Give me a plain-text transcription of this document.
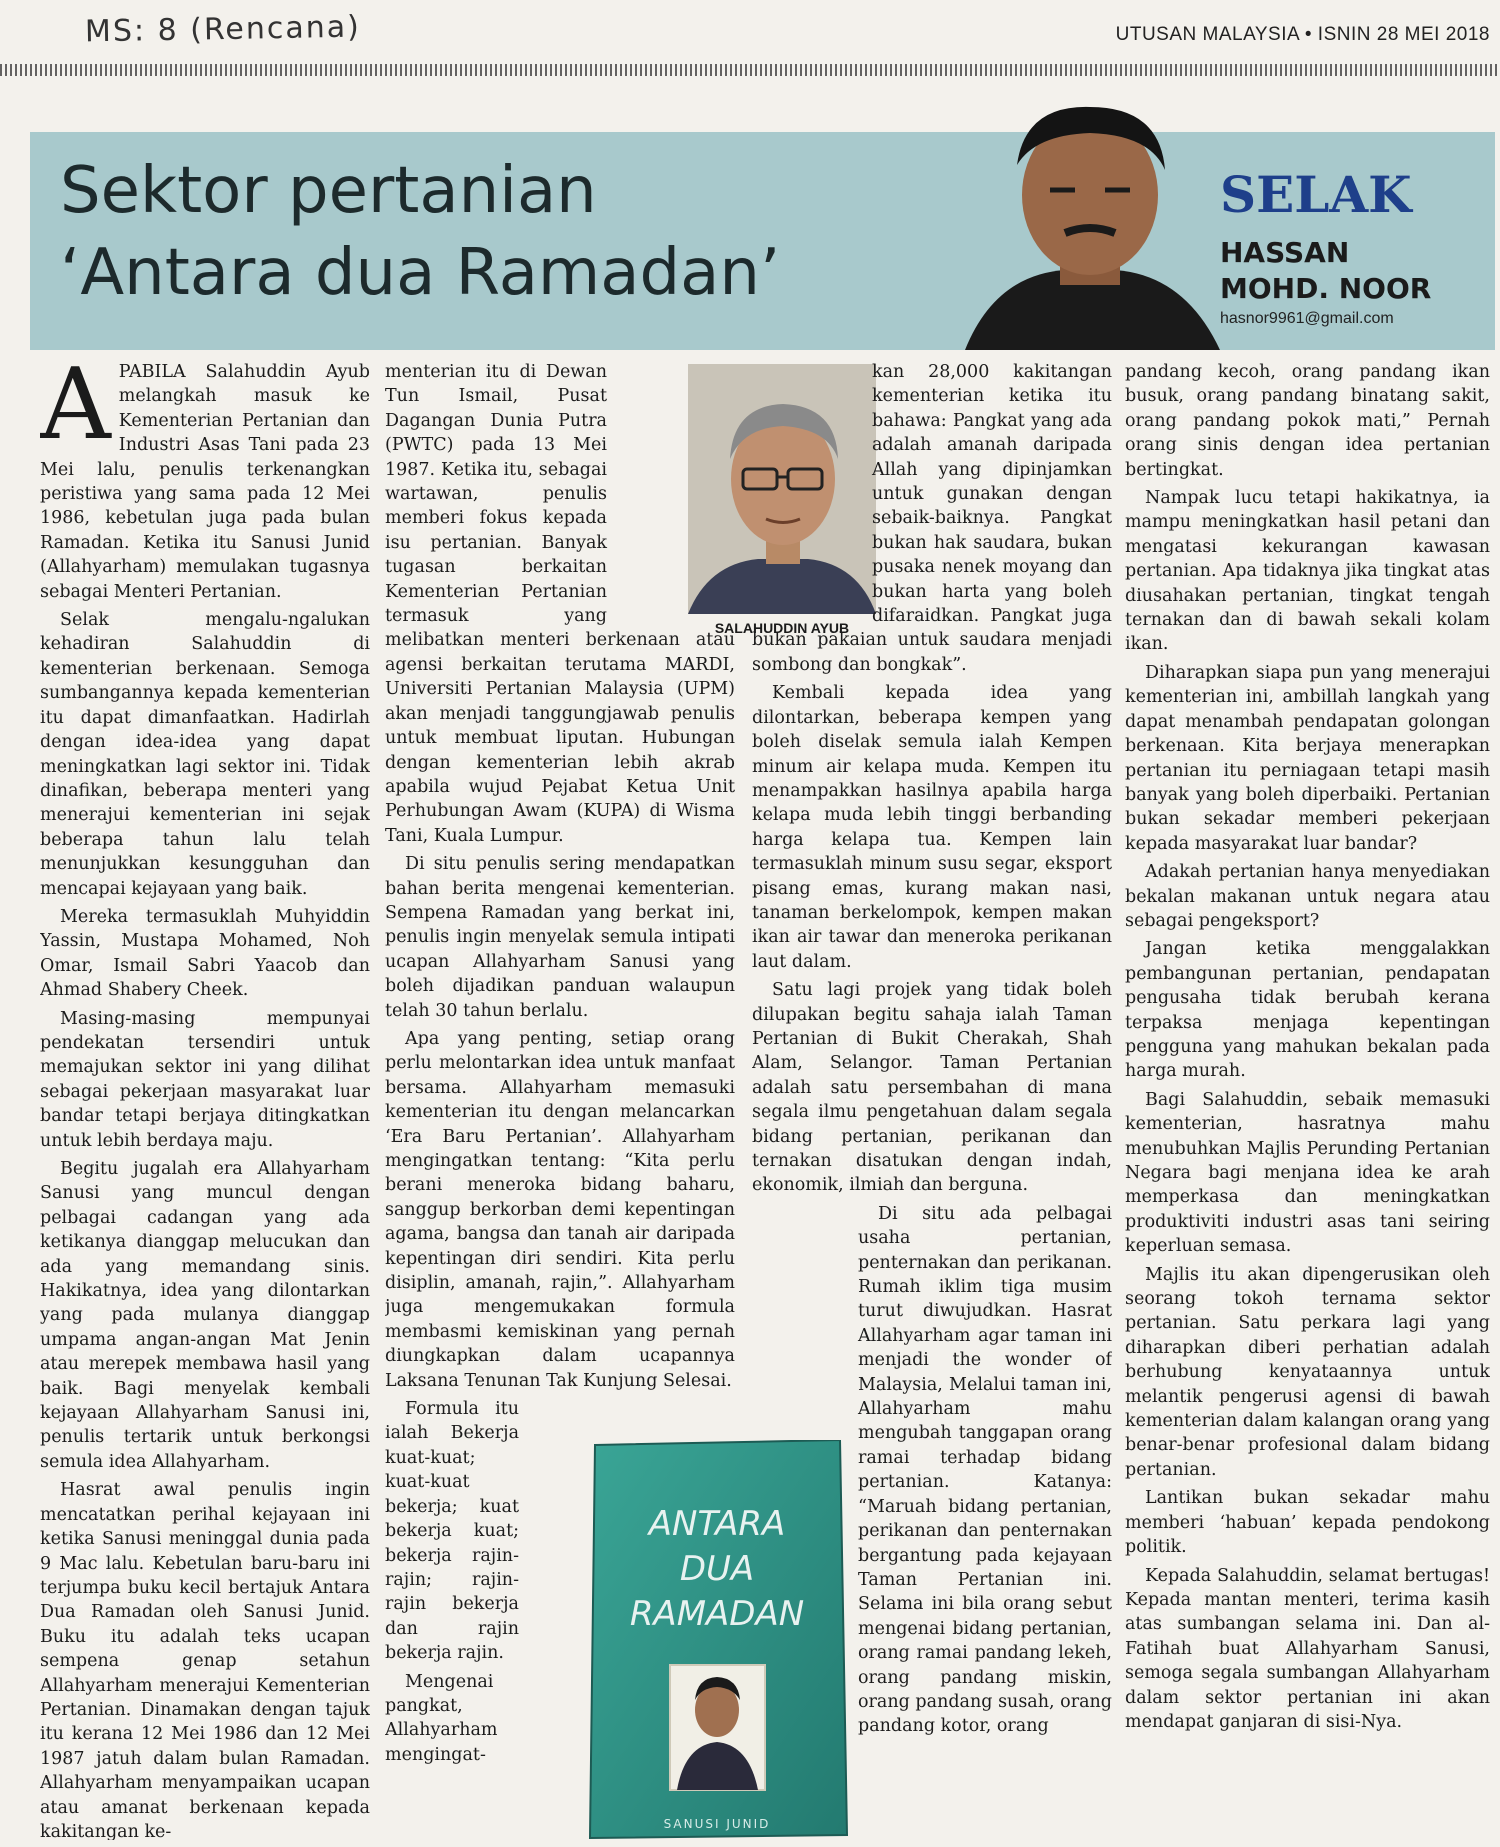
MS: 8 (Rencana)	UTUSAN MALAYSIA • ISNIN 28 MEI 2018
Sektor pertanian
‘Antara dua Ramadan’
SELAK
HASSAN
MOHD. NOOR
hasnor9961@gmail.com
SALAHUDDIN AYUB
ANTARA
DUA
RAMADAN
SANUSI JUNID

APABILA Salahuddin Ayub melangkah masuk ke Kementerian Pertanian dan Industri Asas Tani pada 23 Mei lalu, penulis terkenangkan peristiwa yang sama pada 12 Mei 1986, kebetulan juga pada bulan Ramadan. Ketika itu Sanusi Junid (Allahyarham) memulakan tugasnya sebagai Menteri Pertanian.

Selak mengalu-ngalukan kehadiran Salahuddin di kementerian berkenaan. Semoga sumbangannya kepada kementerian itu dapat dimanfaatkan. Hadirlah dengan idea-idea yang dapat meningkatkan lagi sektor ini. Tidak dinafikan, beberapa menteri yang menerajui kementerian ini sejak beberapa tahun lalu telah menunjukkan kesungguhan dan mencapai kejayaan yang baik.

Mereka termasuklah Muhyiddin Yassin, Mustapa Mohamed, Noh Omar, Ismail Sabri Yaacob dan Ahmad Shabery Cheek.

Masing-masing mempunyai pendekatan tersendiri untuk memajukan sektor ini yang dilihat sebagai pekerjaan masyarakat luar bandar tetapi berjaya ditingkatkan untuk lebih berdaya maju.

Begitu jugalah era Allahyarham Sanusi yang muncul dengan pelbagai cadangan yang ada ketikanya dianggap melucukan dan ada yang memandang sinis. Hakikatnya, idea yang dilontarkan yang pada mulanya dianggap umpama angan-angan Mat Jenin atau merepek membawa hasil yang baik. Bagi menyelak kembali kejayaan Allahyarham Sanusi ini, penulis tertarik untuk berkongsi semula idea Allahyarham.

Hasrat awal penulis ingin mencatatkan perihal kejayaan ini ketika Sanusi meninggal dunia pada 9 Mac lalu. Kebetulan baru-baru ini terjumpa buku kecil bertajuk Antara Dua Ramadan oleh Sanusi Junid. Buku itu adalah teks ucapan sempena genap setahun Allahyarham menerajui Kementerian Pertanian. Dinamakan dengan tajuk itu kerana 12 Mei 1986 dan 12 Mei 1987 jatuh dalam bulan Ramadan. Allahyarham menyampaikan ucapan atau amanat berkenaan kepada kakitangan ke-

menterian itu di Dewan Tun Ismail, Pusat Dagangan Dunia Putra (PWTC) pada 13 Mei 1987. Ketika itu, sebagai wartawan, penulis memberi fokus kepada isu pertanian. Banyak tugasan berkaitan Kementerian Pertanian termasuk yang melibatkan menteri berkenaan atau agensi berkaitan terutama MARDI, Universiti Pertanian Malaysia (UPM) akan menjadi tanggungjawab penulis untuk membuat liputan. Hubungan dengan kementerian lebih akrab apabila wujud Pejabat Ketua Unit Perhubungan Awam (KUPA) di Wisma Tani, Kuala Lumpur.

Di situ penulis sering mendapatkan bahan berita mengenai kementerian. Sempena Ramadan yang berkat ini, penulis ingin menyelak semula intipati ucapan Allahyarham Sanusi yang boleh dijadikan panduan walaupun telah 30 tahun berlalu.

Apa yang penting, setiap orang perlu melontarkan idea untuk manfaat bersama. Allahyarham memasuki kementerian itu dengan melancarkan ‘Era Baru Pertanian’. Allahyarham mengingatkan tentang: “Kita perlu berani meneroka bidang baharu, sanggup berkorban demi kepentingan agama, bangsa dan tanah air daripada kepentingan diri sendiri. Kita perlu disiplin, amanah, rajin,”. Allahyarham juga mengemukakan formula membasmi kemiskinan yang pernah diungkapkan dalam ucapannya Laksana Tenunan Tak Kunjung Selesai.

Formula itu ialah Bekerja kuat-kuat; kuat-kuat bekerja; kuat bekerja kuat; bekerja rajin-rajin; rajin-rajin bekerja dan rajin bekerja rajin.

Mengenai pangkat, Allahyarham mengingat-

kan 28,000 kakitangan kementerian ketika itu bahawa: Pangkat yang ada adalah amanah daripada Allah yang dipinjamkan untuk gunakan dengan sebaik-baiknya. Pangkat bukan hak saudara, bukan pusaka nenek moyang dan bukan harta yang boleh difaraidkan. Pangkat juga bukan pakaian untuk saudara menjadi sombong dan bongkak”.

Kembali kepada idea yang dilontarkan, beberapa kempen yang boleh diselak semula ialah Kempen minum air kelapa muda. Kempen itu menampakkan hasilnya apabila harga kelapa muda lebih tinggi berbanding harga kelapa tua. Kempen lain termasuklah minum susu segar, eksport pisang emas, kurang makan nasi, tanaman berkelompok, kempen makan ikan air tawar dan meneroka perikanan laut dalam.

Satu lagi projek yang tidak boleh dilupakan begitu sahaja ialah Taman Pertanian di Bukit Cherakah, Shah Alam, Selangor. Taman Pertanian adalah satu persembahan di mana segala ilmu pengetahuan dalam segala bidang pertanian, perikanan dan ternakan disatukan dengan indah, ekonomik, ilmiah dan berguna.

Di situ ada pelbagai usaha pertanian, penternakan dan perikanan. Rumah iklim tiga musim turut diwujudkan. Hasrat Allahyarham agar taman ini menjadi the wonder of Malaysia, Melalui taman ini, Allahyarham mahu mengubah tanggapan orang ramai terhadap bidang pertanian. Katanya: “Maruah bidang pertanian, perikanan dan penternakan bergantung pada kejayaan Taman Pertanian ini. Selama ini bila orang sebut mengenai bidang pertanian, orang ramai pandang lekeh, orang pandang miskin, orang pandang susah, orang pandang kotor, orang

pandang kecoh, orang pandang ikan busuk, orang pandang binatang sakit, orang pandang pokok mati,” Pernah orang sinis dengan idea pertanian bertingkat.

Nampak lucu tetapi hakikatnya, ia mampu meningkatkan hasil petani dan mengatasi kekurangan kawasan pertanian. Apa tidaknya jika tingkat atas diusahakan pertanian, tingkat tengah ternakan dan di bawah sekali kolam ikan.

Diharapkan siapa pun yang menerajui kementerian ini, ambillah langkah yang dapat menambah pendapatan golongan berkenaan. Kita berjaya menerapkan pertanian itu perniagaan tetapi masih banyak yang boleh diperbaiki. Pertanian bukan sekadar memberi pekerjaan kepada masyarakat luar bandar?

Adakah pertanian hanya menyediakan bekalan makanan untuk negara atau sebagai pengeksport?

Jangan ketika menggalakkan pembangunan pertanian, pendapatan pengusaha tidak berubah kerana terpaksa menjaga kepentingan pengguna yang mahukan bekalan pada harga murah.

Bagi Salahuddin, sebaik memasuki kementerian, hasratnya mahu menubuhkan Majlis Perunding Pertanian Negara bagi menjana idea ke arah memperkasa dan meningkatkan produktiviti industri asas tani seiring keperluan semasa.

Majlis itu akan dipengerusikan oleh seorang tokoh ternama sektor pertanian. Satu perkara lagi yang diharapkan diberi perhatian adalah berhubung kenyataannya untuk melantik pengerusi agensi di bawah kementerian dalam kalangan orang yang benar-benar profesional dalam bidang pertanian.

Lantikan bukan sekadar mahu memberi ‘habuan’ kepada pendokong politik.

Kepada Salahuddin, selamat bertugas! Kepada mantan menteri, terima kasih atas sumbangan selama ini. Dan al-Fatihah buat Allahyarham Sanusi, semoga segala sumbangan Allahyarham dalam sektor pertanian ini akan mendapat ganjaran di sisi-Nya.
